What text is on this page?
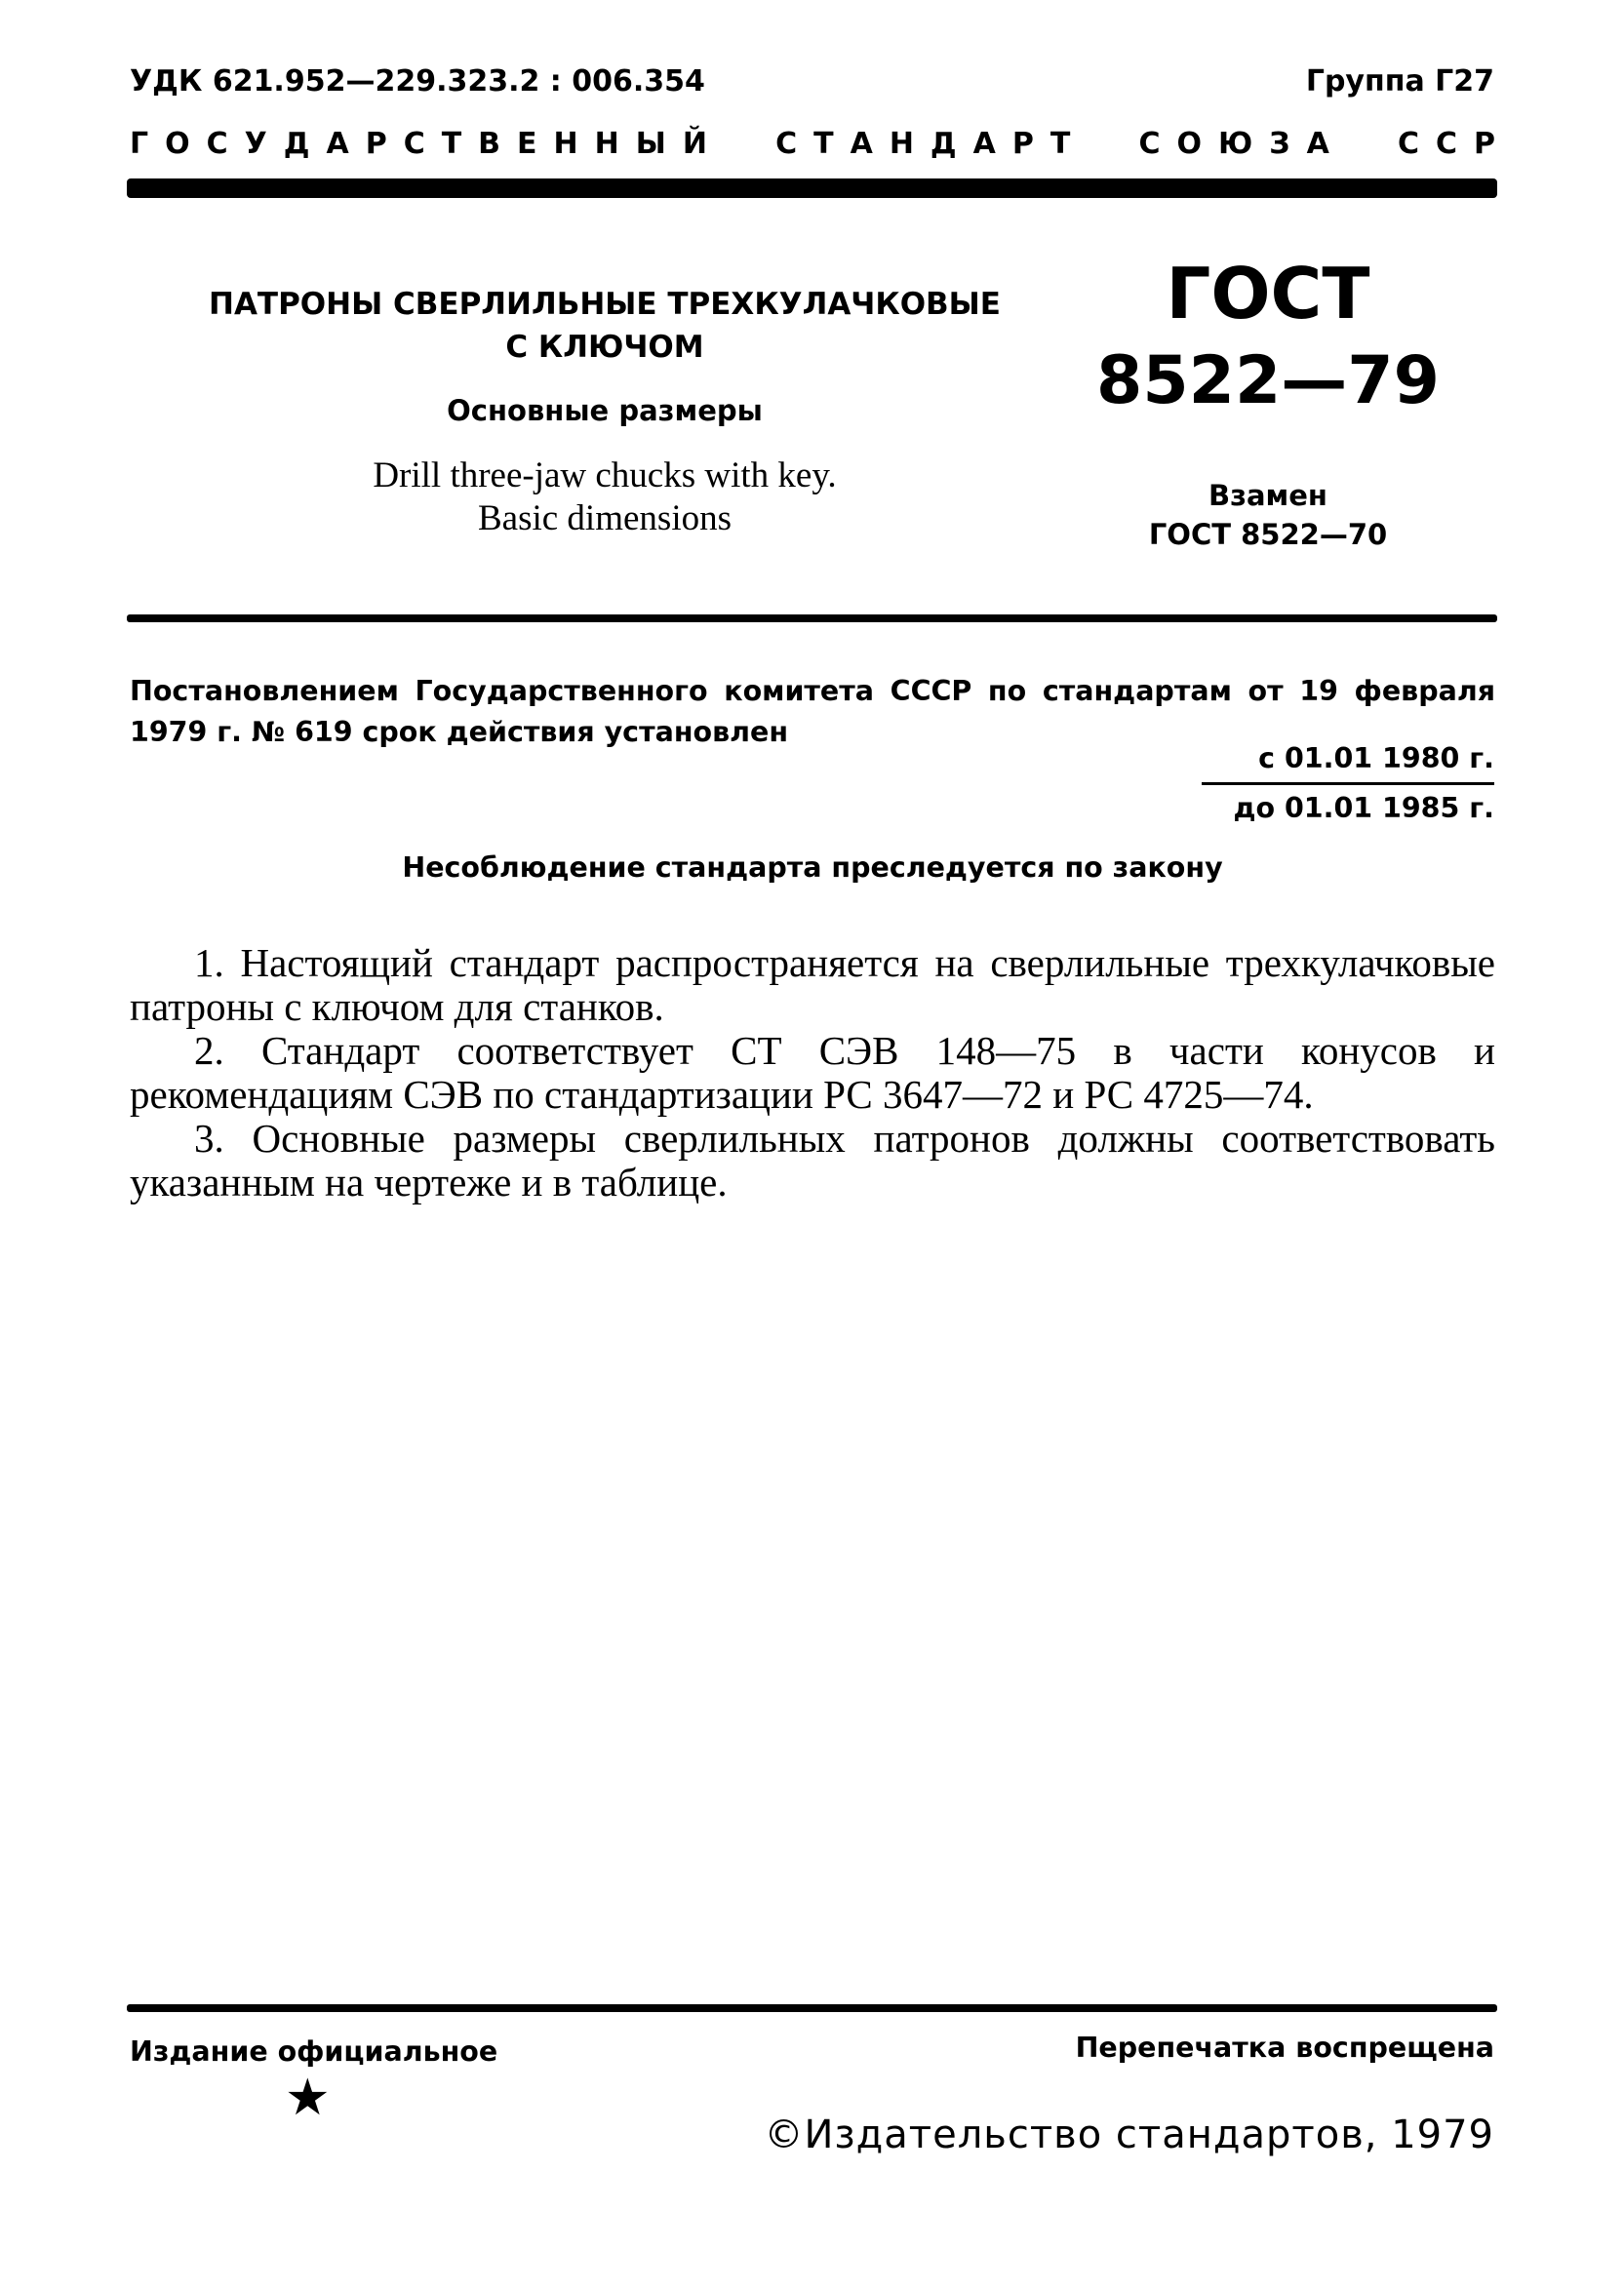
УДК 621.952—229.323.2 : 006.354	Группа Г27
ГОСУДАРСТВЕННЫЙ СТАНДАРТ СОЮЗА ССР
ПАТРОНЫ СВЕРЛИЛЬНЫЕ ТРЕХКУЛАЧКОВЫЕ
С КЛЮЧОМ
Основные размеры
Drill three-jaw chucks with key.
Basic dimensions
ГОСТ
8522—79
Взамен
ГОСТ 8522—70
Постановлением Государственного комитета СССР по стандартам от 19 февраля 1979 г. № 619 срок действия установлен
с 01.01 1980 г.
до 01.01 1985 г.
Несоблюдение стандарта преследуется по закону

1. Настоящий стандарт распространяется на сверлильные трехкулачковые патроны с ключом для станков.

2. Стандарт соответствует СТ СЭВ 148—75 в части конусов и рекомендациям СЭВ по стандартизации РС 3647—72 и РС 4725—74.

3. Основные размеры сверлильных патронов должны соответствовать указанным на чертеже и в таблице.

Издание официальное
★
Перепечатка воспрещена
©Издательство стандартов, 1979
